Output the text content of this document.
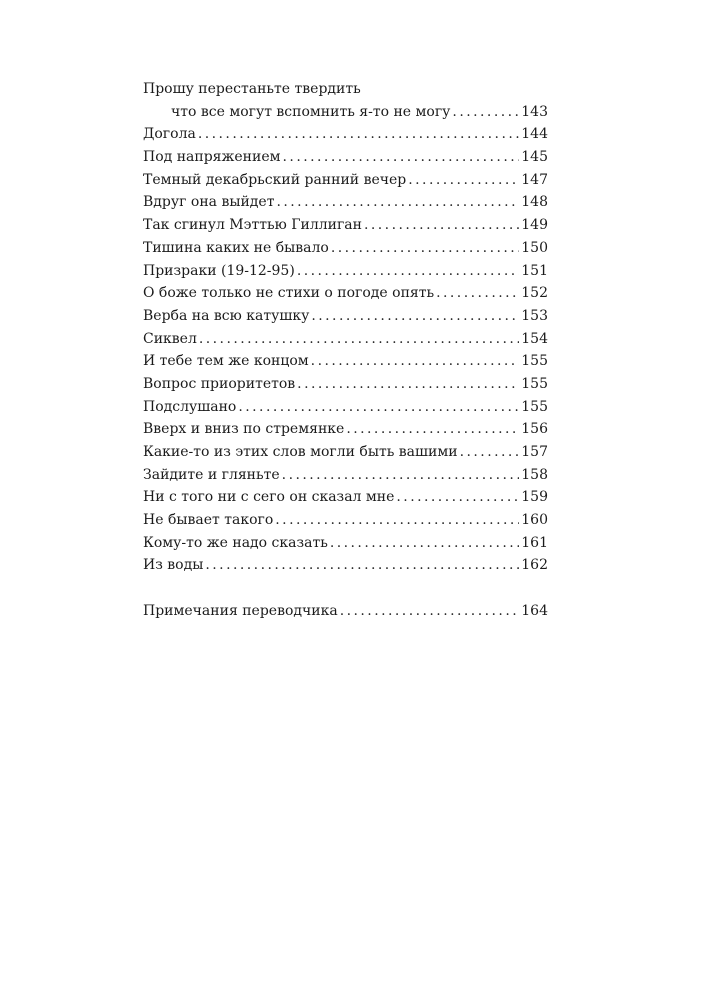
Прошу перестаньте твердить
что все могут вспомнить я-то не могу . . .	143
Догола . . .	144
Под напряжением . . .	145
Темный декабрьский ранний вечер . . .	147
Вдруг она выйдет . . .	148
Так сгинул Мэттью Гиллиган . . .	149
Тишина каких не бывало . . .	150
Призраки (19-12-95) . . .	151
О боже только не стихи о погоде опять . . .	152
Верба на всю катушку . . .	153
Сиквел . . .	154
И тебе тем же концом . . .	155
Вопрос приоритетов . . .	155
Подслушано . . .	155
Вверх и вниз по стремянке . . .	156
Какие-то из этих слов могли быть вашими . . .	157
Зайдите и гляньте . . .	158
Ни с того ни с сего он сказал мне . . .	159
Не бывает такого . . .	160
Кому-то же надо сказать . . .	161
Из воды . . .	162
Примечания переводчика . . .	164
